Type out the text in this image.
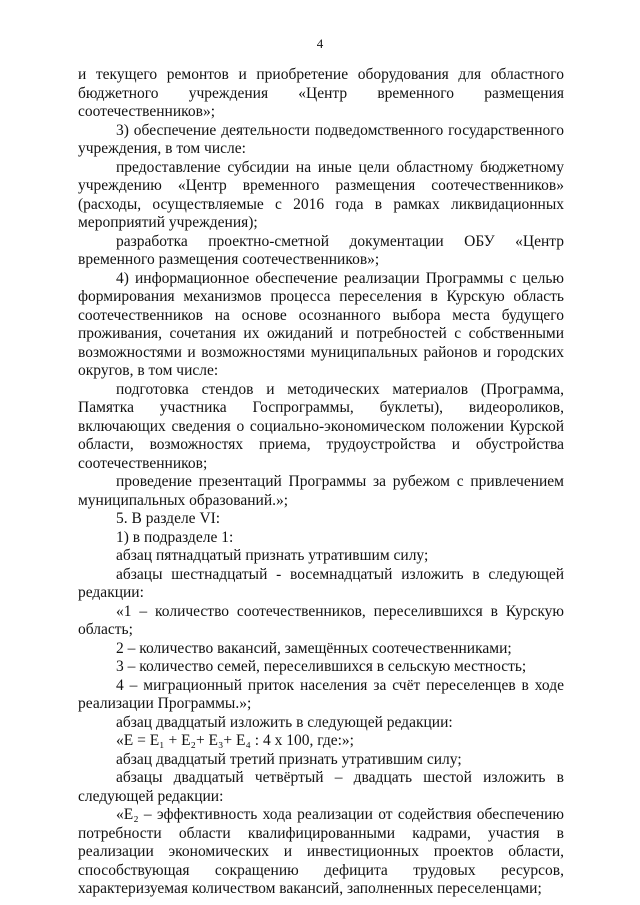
4

и текущего ремонтов и приобретение оборудования для областного бюджетного учреждения «Центр временного размещения соотечественников»;

3) обеспечение деятельности подведомственного государственного учреждения, в том числе:

предоставление субсидии на иные цели областному бюджетному учреждению «Центр временного размещения соотечественников» (расходы, осуществляемые с 2016 года в рамках ликвидационных мероприятий учреждения);

разработка проектно-сметной документации ОБУ «Центр временного размещения соотечественников»;

4) информационное обеспечение реализации Программы с целью формирования механизмов процесса переселения в Курскую область соотечественников на основе осознанного выбора места будущего проживания, сочетания их ожиданий и потребностей с собственными возможностями и возможностями муниципальных районов и городских округов, в том числе:

подготовка стендов и методических материалов (Программа, Памятка участника Госпрограммы, буклеты), видеороликов, включающих сведения о социально-экономическом положении Курской области, возможностях приема, трудоустройства и обустройства соотечественников;

проведение презентаций Программы за рубежом с привлечением муниципальных образований.»;

5. В разделе VI:

1) в подразделе 1:

абзац пятнадцатый признать утратившим силу;

абзацы шестнадцатый - восемнадцатый изложить в следующей редакции:

«1 – количество соотечественников, переселившихся в Курскую область;

2 – количество вакансий, замещённых соотечественниками;

3 – количество семей, переселившихся в сельскую местность;

4 – миграционный приток населения за счёт переселенцев в ходе реализации Программы.»;

абзац двадцатый изложить в следующей редакции:

«E = E₁ + E₂+ E₃+ E₄ : 4 x 100, где:»;

абзац двадцатый третий признать утратившим силу;

абзацы двадцатый четвёртый – двадцать шестой изложить в следующей редакции:

«E₂ – эффективность хода реализации от содействия обеспечению потребности области квалифицированными кадрами, участия в реализации экономических и инвестиционных проектов области, способствующая сокращению дефицита трудовых ресурсов, характеризуемая количеством вакансий, заполненных переселенцами;
